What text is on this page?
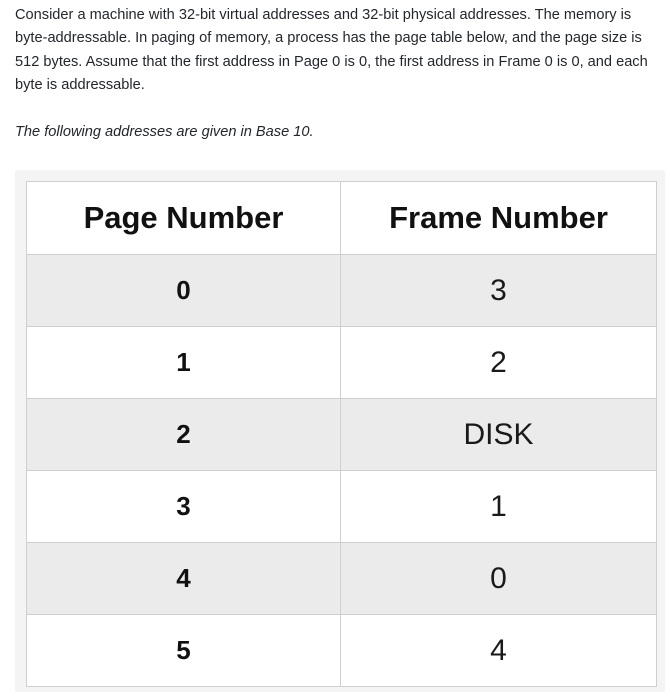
Consider a machine with 32-bit virtual addresses and 32-bit physical addresses. The memory is byte-addressable. In paging of memory, a process has the page table below, and the page size is 512 bytes. Assume that the first address in Page 0 is 0, the first address in Frame 0 is 0, and each byte is addressable.

The following addresses are given in Base 10.

Page Number	Frame Number
0	3
1	2
2	DISK
3	1
4	0
5	4
